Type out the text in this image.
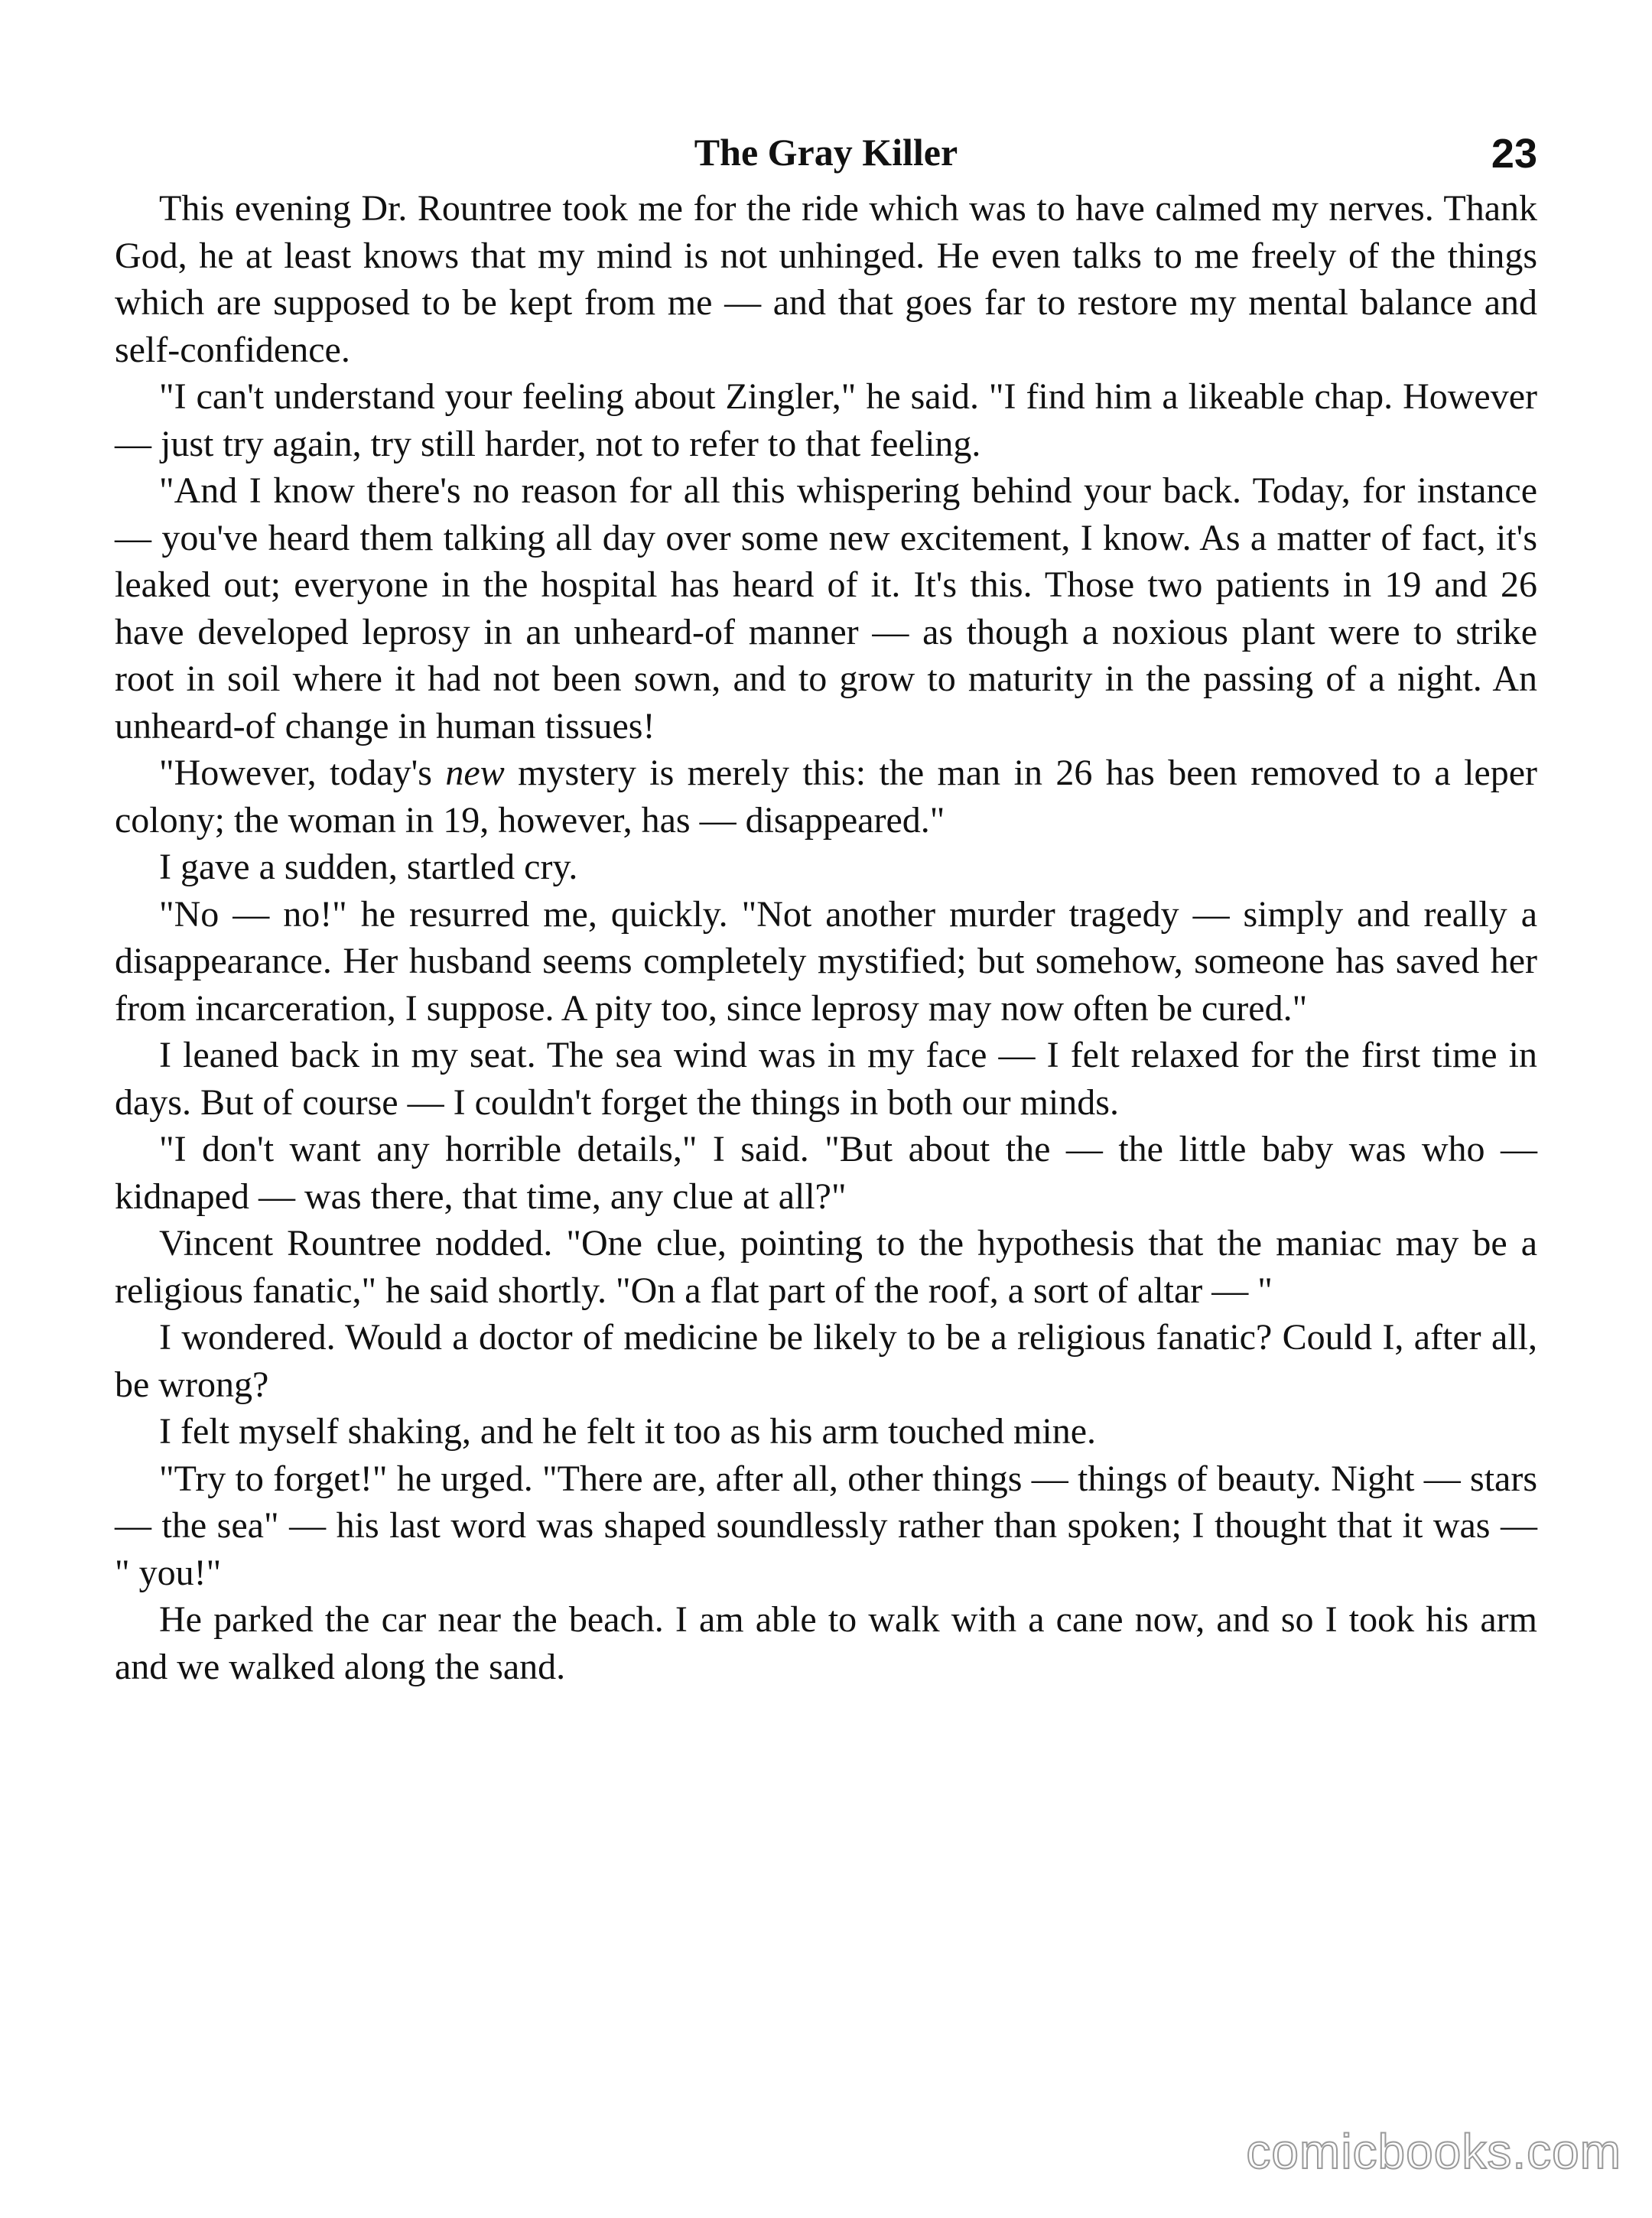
The Gray Killer	23

This evening Dr. Rountree took me for the ride which was to have calmed my nerves. Thank God, he at least knows that my mind is not unhinged. He even talks to me freely of the things which are supposed to be kept from me — and that goes far to restore my mental balance and self-confidence.

"I can't understand your feeling about Zingler," he said. "I find him a likeable chap. However — just try again, try still harder, not to refer to that feeling.

"And I know there's no reason for all this whispering behind your back. Today, for instance — you've heard them talking all day over some new excitement, I know. As a matter of fact, it's leaked out; everyone in the hospital has heard of it. It's this. Those two patients in 19 and 26 have developed leprosy in an unheard-of manner — as though a noxious plant were to strike root in soil where it had not been sown, and to grow to maturity in the passing of a night. An unheard-of change in human tissues!

"However, today's new mystery is merely this: the man in 26 has been removed to a leper colony; the woman in 19, however, has — disappeared."

I gave a sudden, startled cry.

"No — no!" he resurred me, quickly. "Not another murder tragedy — simply and really a disappearance. Her husband seems completely mystified; but somehow, someone has saved her from incarceration, I suppose. A pity too, since leprosy may now often be cured."

I leaned back in my seat. The sea wind was in my face — I felt relaxed for the first time in days. But of course — I couldn't forget the things in both our minds.

"I don't want any horrible details," I said. "But about the — the little baby was who — kidnaped — was there, that time, any clue at all?"

Vincent Rountree nodded. "One clue, pointing to the hypothesis that the maniac may be a religious fanatic," he said shortly. "On a flat part of the roof, a sort of altar — "

I wondered. Would a doctor of medicine be likely to be a religious fanatic? Could I, after all, be wrong?

I felt myself shaking, and he felt it too as his arm touched mine.

"Try to forget!" he urged. "There are, after all, other things — things of beauty. Night — stars — the sea" — his last word was shaped soundlessly rather than spoken; I thought that it was — " you!"

He parked the car near the beach. I am able to walk with a cane now, and so I took his arm and we walked along the sand.

comicbooks.com
